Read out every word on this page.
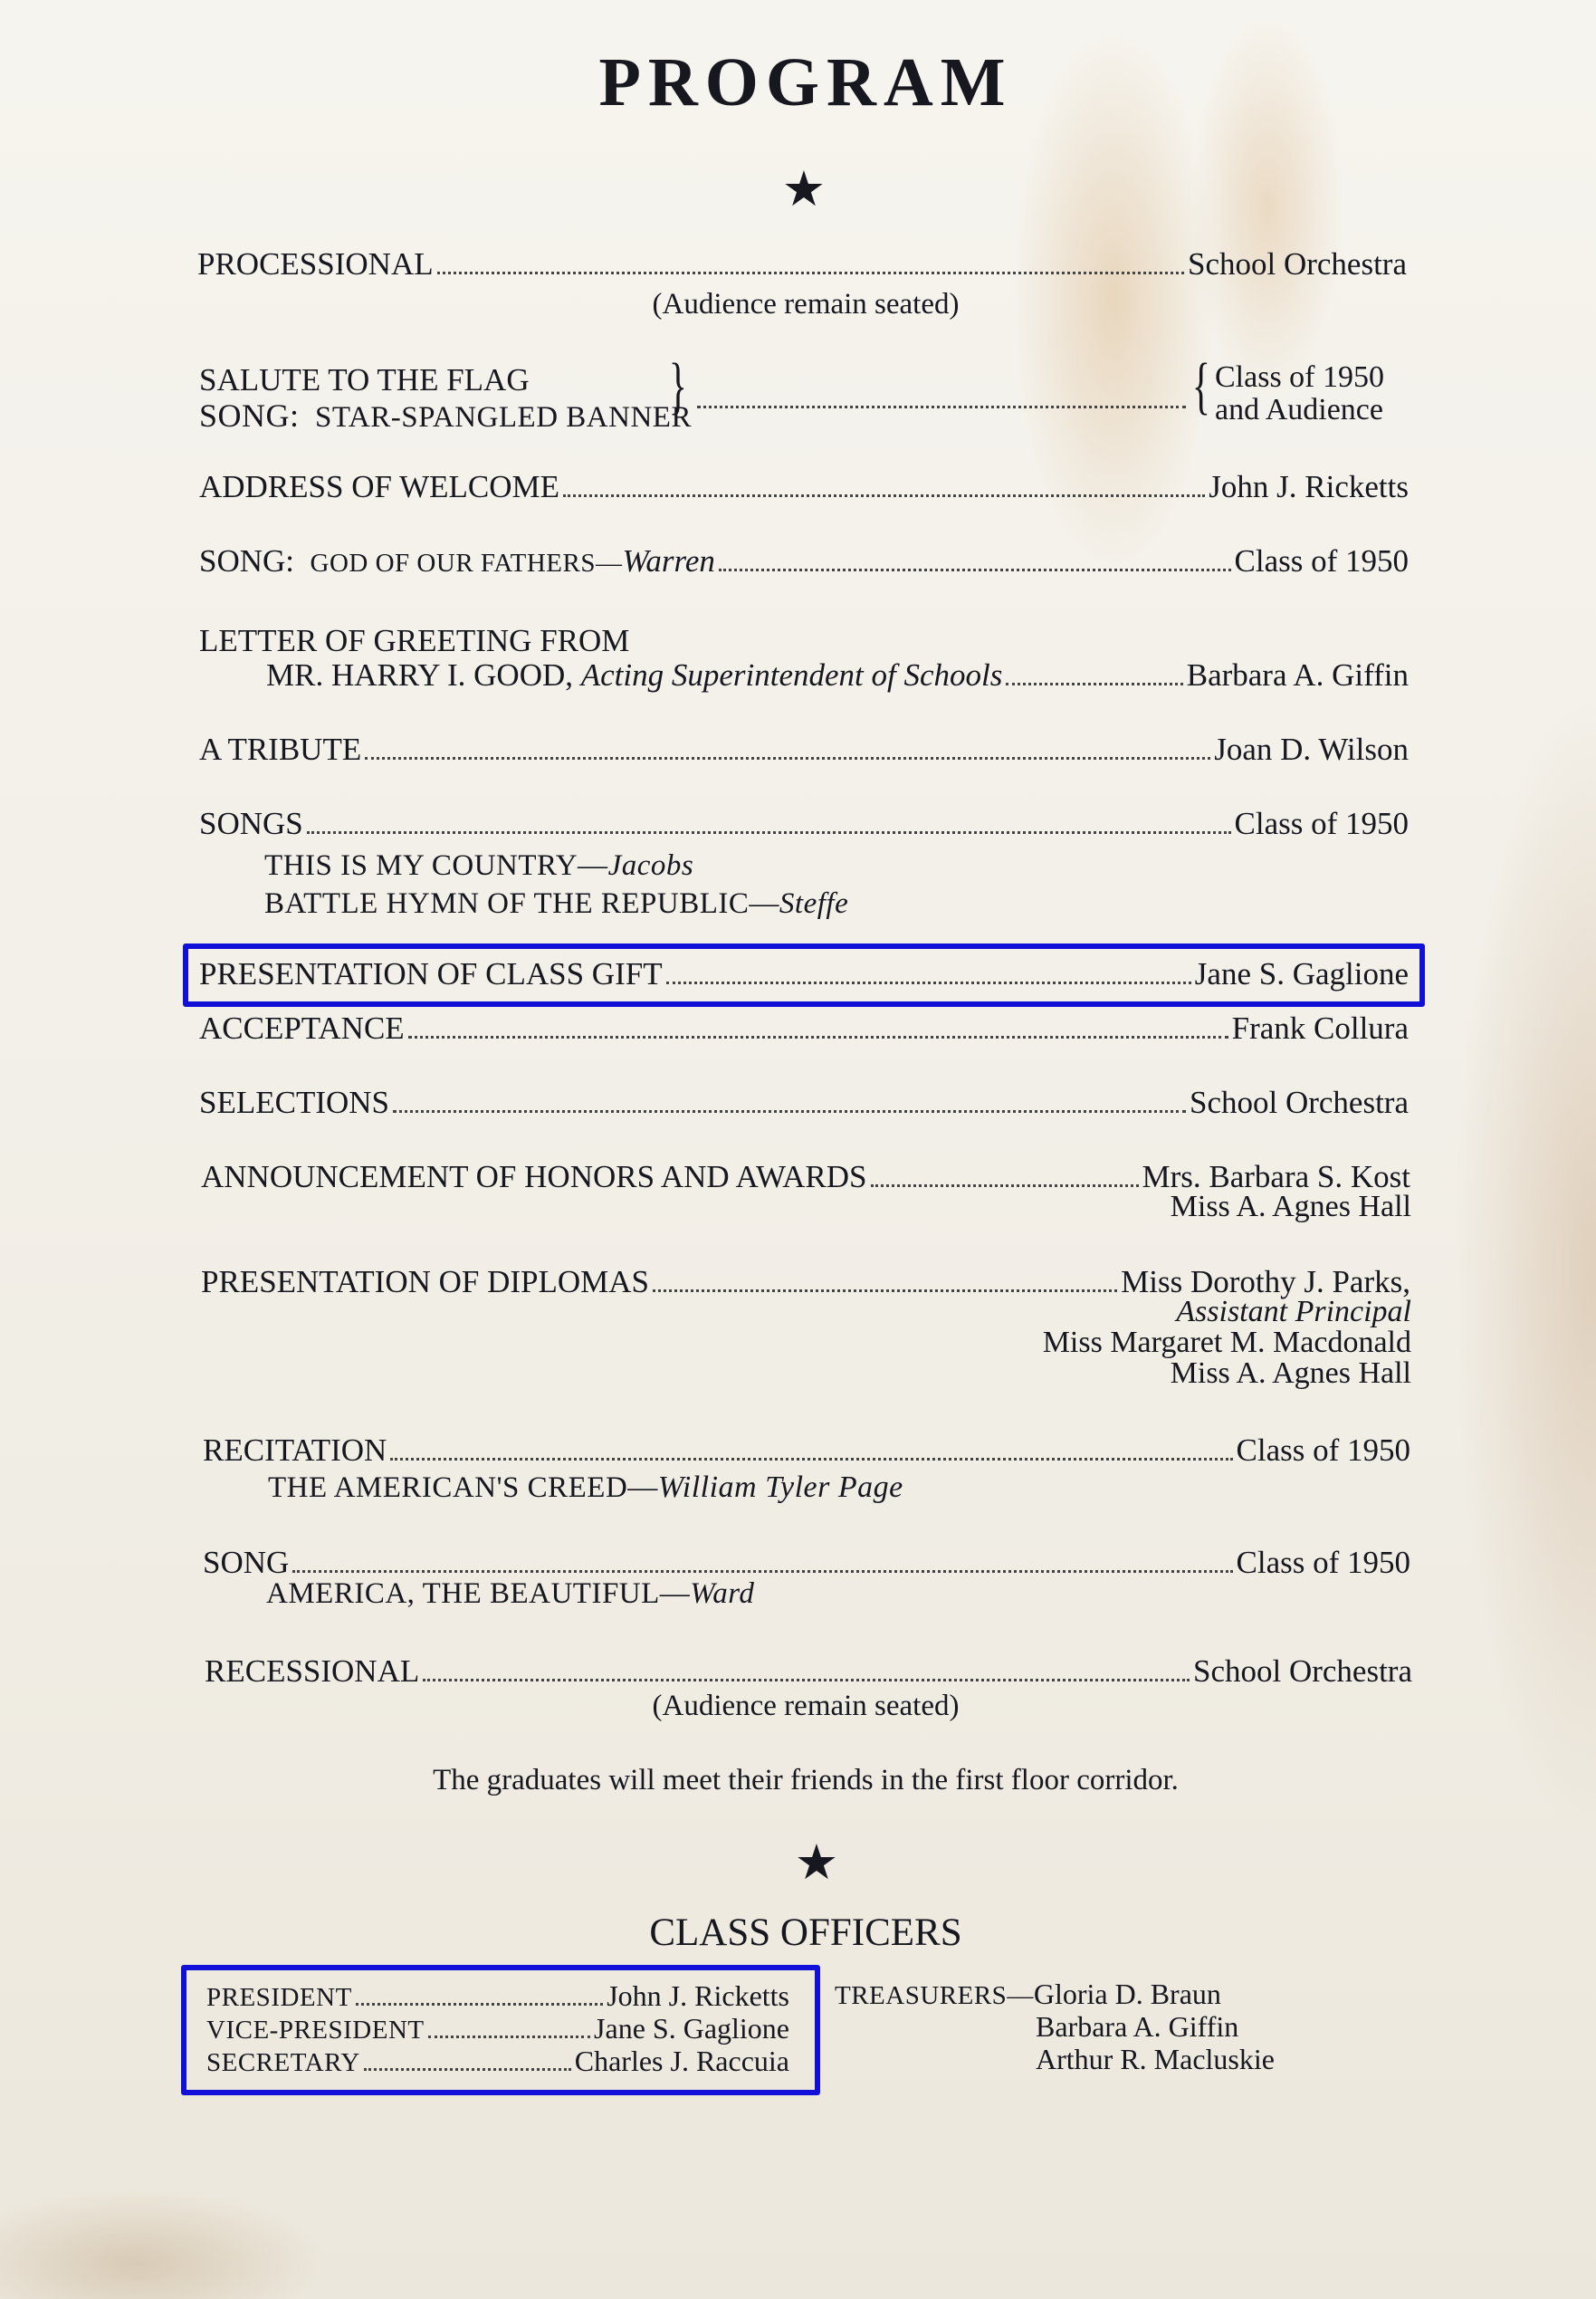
PROGRAM
★
PROCESSIONAL	School Orchestra
(Audience remain seated)
SALUTE TO THE FLAG
SONG: STAR-SPANGLED BANNER
}	{ Class of 1950
and Audience
ADDRESS OF WELCOME	John J. Ricketts
SONG:
GOD OF OUR FATHERS— Warren	Class of 1950
LETTER OF GREETING FROM
MR. HARRY I. GOOD,
Acting Superintendent of Schools	Barbara A. Giffin
A TRIBUTE	Joan D. Wilson
SONGS	Class of 1950
THIS IS MY COUNTRY—Jacobs
BATTLE HYMN OF THE REPUBLIC—Steffe
PRESENTATION OF CLASS GIFT	Jane S. Gaglione
ACCEPTANCE	Frank Collura
SELECTIONS	School Orchestra
ANNOUNCEMENT OF HONORS AND AWARDS	Mrs. Barbara S. Kost
Miss A. Agnes Hall
PRESENTATION OF DIPLOMAS	Miss Dorothy J. Parks,
Assistant Principal
Miss Margaret M. Macdonald
Miss A. Agnes Hall
RECITATION	Class of 1950
THE AMERICAN'S CREED—William Tyler Page
SONG	Class of 1950
AMERICA, THE BEAUTIFUL—Ward
RECESSIONAL	School Orchestra
(Audience remain seated)
The graduates will meet their friends in the first floor corridor.
★
CLASS OFFICERS
PRESIDENT	John J. Ricketts
VICE-PRESIDENT	Jane S. Gaglione
SECRETARY	Charles J. Raccuia
TREASURERS—Gloria D. Braun
Barbara A. Giffin
Arthur R. Macluskie
